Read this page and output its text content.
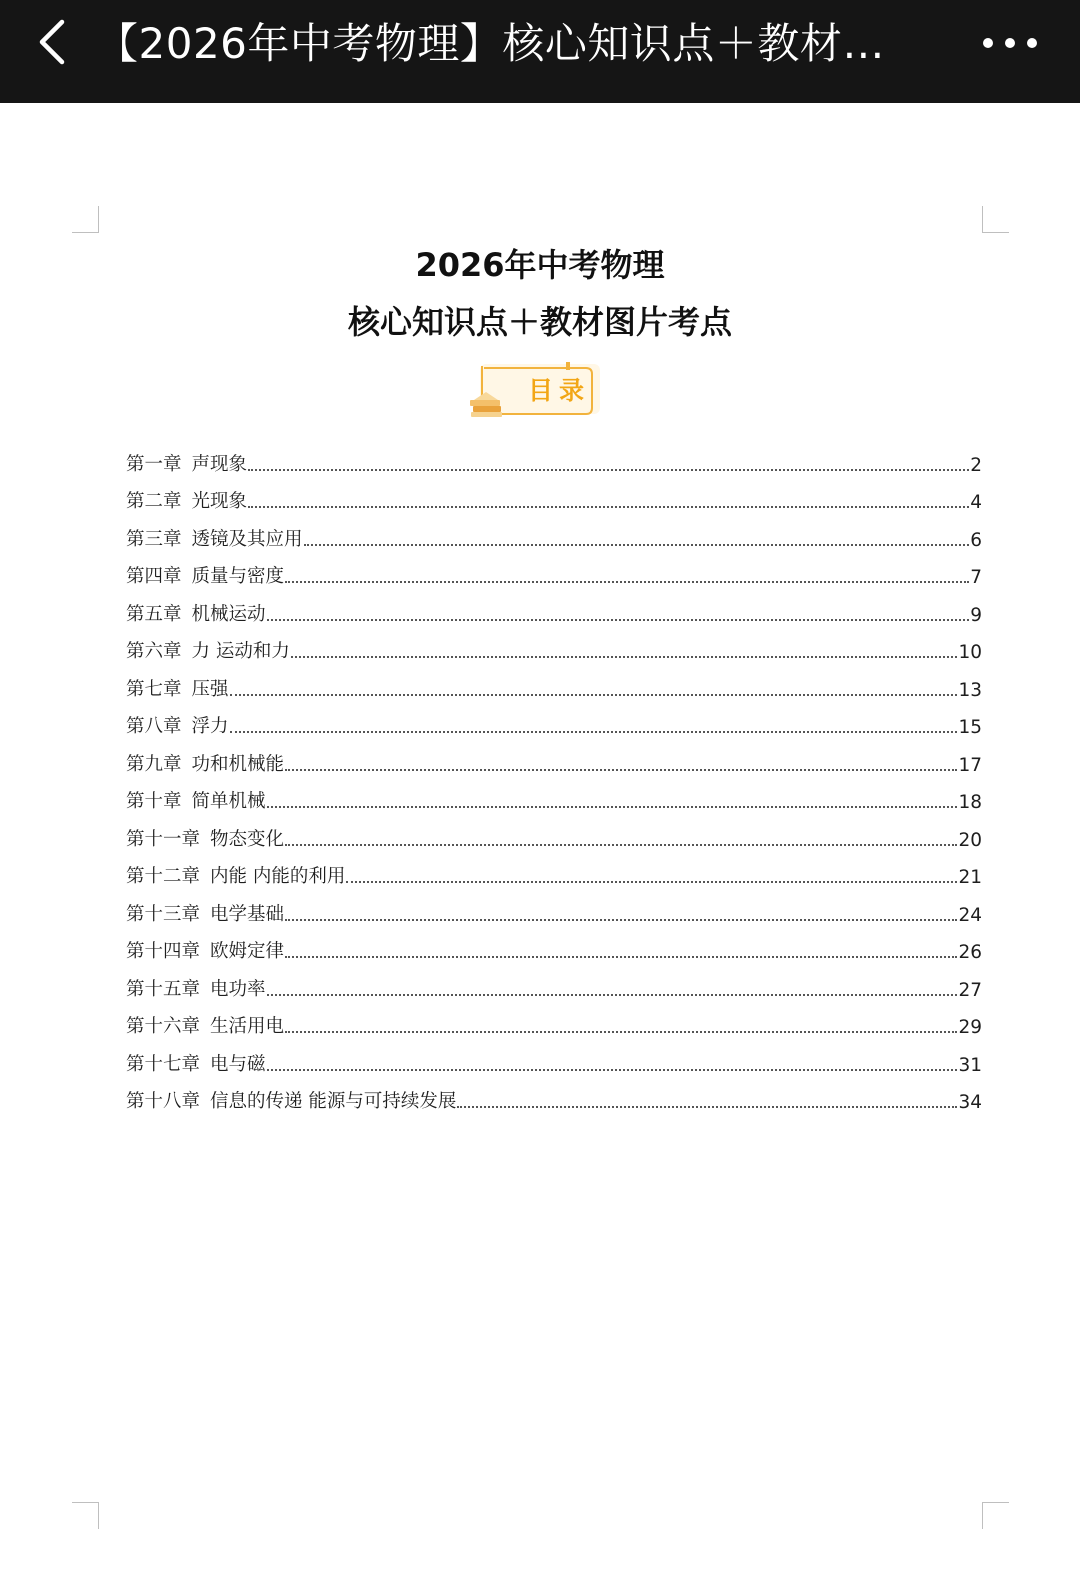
【2026年中考物理】核心知识点＋教材…
2026年中考物理
核心知识点＋教材图片考点
目录
第一章 声现象	2
第二章 光现象	4
第三章 透镜及其应用	6
第四章 质量与密度	7
第五章 机械运动	9
第六章 力 运动和力	10
第七章 压强	13
第八章 浮力	15
第九章 功和机械能	17
第十章 简单机械	18
第十一章 物态变化	20
第十二章 内能 内能的利用	21
第十三章 电学基础	24
第十四章 欧姆定律	26
第十五章 电功率	27
第十六章 生活用电	29
第十七章 电与磁	31
第十八章 信息的传递 能源与可持续发展	34
